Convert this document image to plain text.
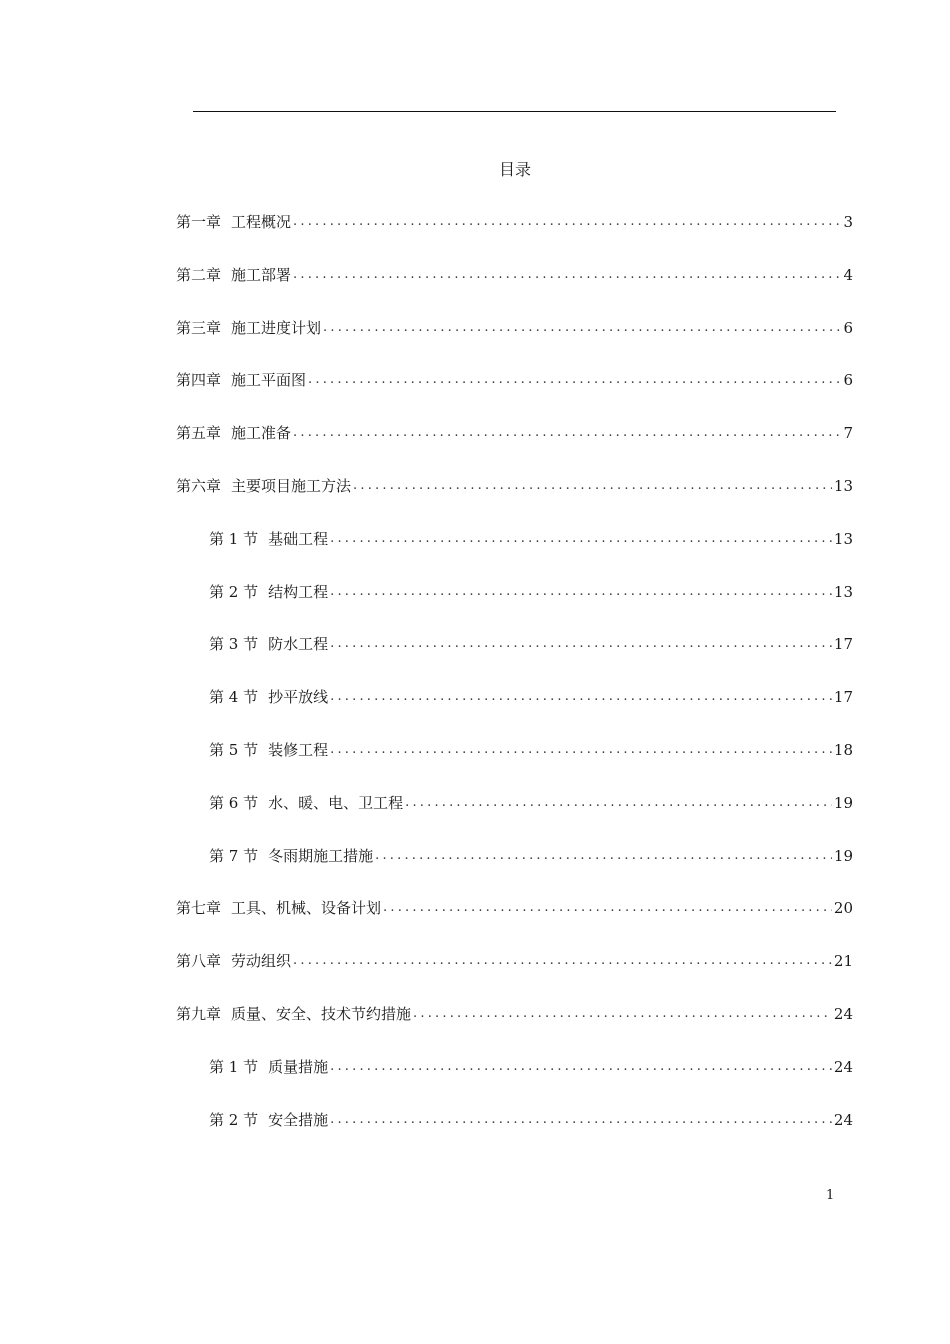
目录
第一章 工程概况 .....	3
第二章 施工部署 .....	4
第三章 施工进度计划 .....	6
第四章 施工平面图 .....	6
第五章 施工准备 .....	7
第六章 主要项目施工方法 .....	13
第 1 节 基础工程 .....	13
第 2 节 结构工程 .....	13
第 3 节 防水工程 .....	17
第 4 节 抄平放线 .....	17
第 5 节 装修工程 .....	18
第 6 节 水、暖、电、卫工程 .....	19
第 7 节 冬雨期施工措施 .....	19
第七章 工具、机械、设备计划 .....	20
第八章 劳动组织 .....	21
第九章 质量、安全、技术节约措施 .....	24
第 1 节 质量措施 .....	24
第 2 节 安全措施 .....	24
1
